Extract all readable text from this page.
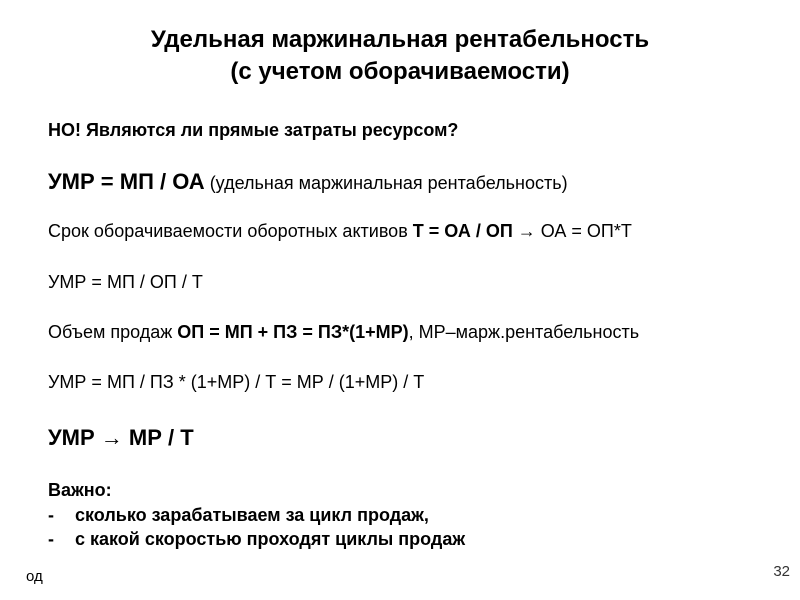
Удельная маржинальная рентабельность
(с учетом оборачиваемости)
НО! Являются ли прямые затраты ресурсом?
УМР = МП / ОА (удельная маржинальная рентабельность)
Срок оборачиваемости оборотных активов Т = ОА / ОП → ОА = ОП*Т
УМР = МП / ОП / Т
Объем продаж ОП = МП + ПЗ = ПЗ*(1+МР), МР–марж.рентабельность
УМР = МП / ПЗ * (1+МР) / Т = МР / (1+МР) / Т
УМР → МР / Т
Важно:
- сколько зарабатываем за цикл продаж,
- с какой скоростью проходят циклы продаж
од	32
